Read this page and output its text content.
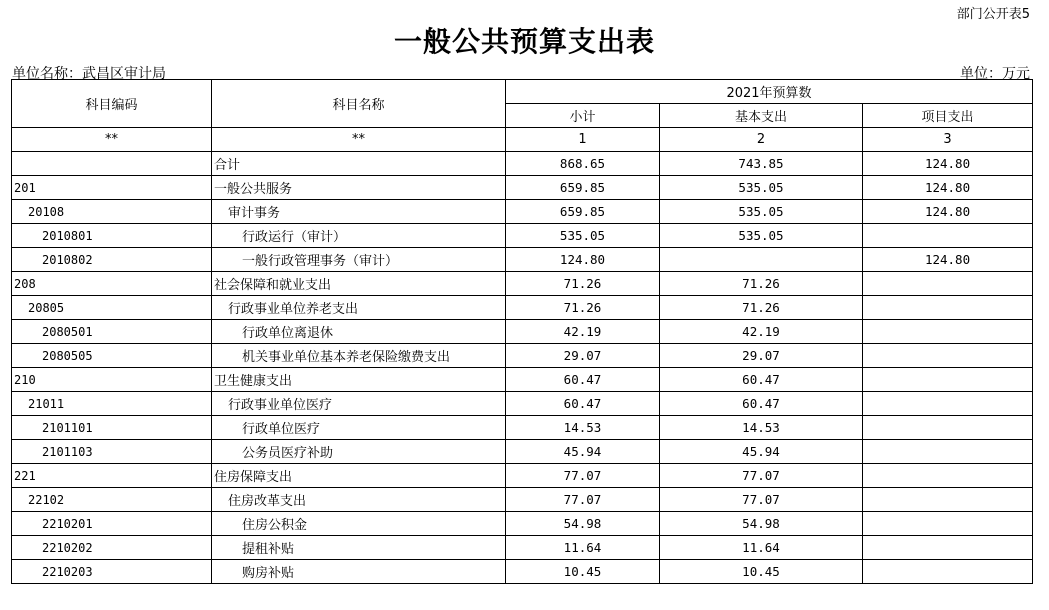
部门公开表5
一般公共预算支出表
单位名称：武昌区审计局	单位：万元
科目编码	科目名称	2021年预算数		
		小计	基本支出	项目支出
**	**	1	2	3
	合计	868.65	743.85	124.80
201	一般公共服务	659.85	535.05	124.80
20108	审计事务	659.85	535.05	124.80
2010801	行政运行（审计）	535.05	535.05	
2010802	一般行政管理事务（审计）	124.80		124.80
208	社会保障和就业支出	71.26	71.26	
20805	行政事业单位养老支出	71.26	71.26	
2080501	行政单位离退休	42.19	42.19	
2080505	机关事业单位基本养老保险缴费支出	29.07	29.07	
210	卫生健康支出	60.47	60.47	
21011	行政事业单位医疗	60.47	60.47	
2101101	行政单位医疗	14.53	14.53	
2101103	公务员医疗补助	45.94	45.94	
221	住房保障支出	77.07	77.07	
22102	住房改革支出	77.07	77.07	
2210201	住房公积金	54.98	54.98	
2210202	提租补贴	11.64	11.64	
2210203	购房补贴	10.45	10.45	
